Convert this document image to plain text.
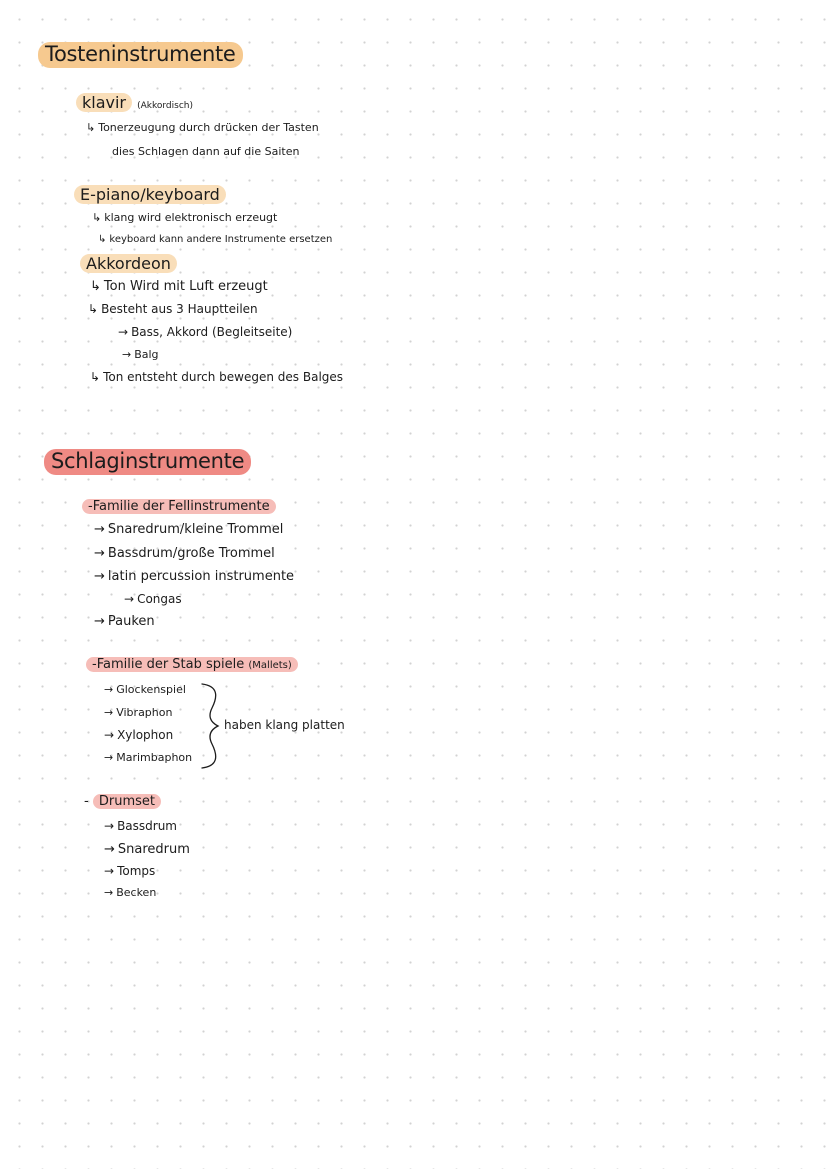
Tosteninstrumente
klavir (Akkordisch)
↳ Tonerzeugung durch drücken der Tasten
dies Schlagen dann auf die Saiten
E-piano/keyboard
↳ klang wird elektronisch erzeugt
↳ keyboard kann andere Instrumente ersetzen
Akkordeon
↳ Ton Wird mit Luft erzeugt
↳ Besteht aus 3 Hauptteilen
→ Bass, Akkord (Begleitseite)
→ Balg
↳ Ton entsteht durch bewegen des Balges
Schlaginstrumente
-Familie der Fellinstrumente
→ Snaredrum/kleine Trommel
→ Bassdrum/große Trommel
→ latin percussion instrumente
→ Congas
→ Pauken
-Familie der Stab spiele (Mallets)
→ Glockenspiel
→ Vibraphon
→ Xylophon
→ Marimbaphon
haben klang platten
- Drumset
→ Bassdrum
→ Snaredrum
→ Tomps
→ Becken
